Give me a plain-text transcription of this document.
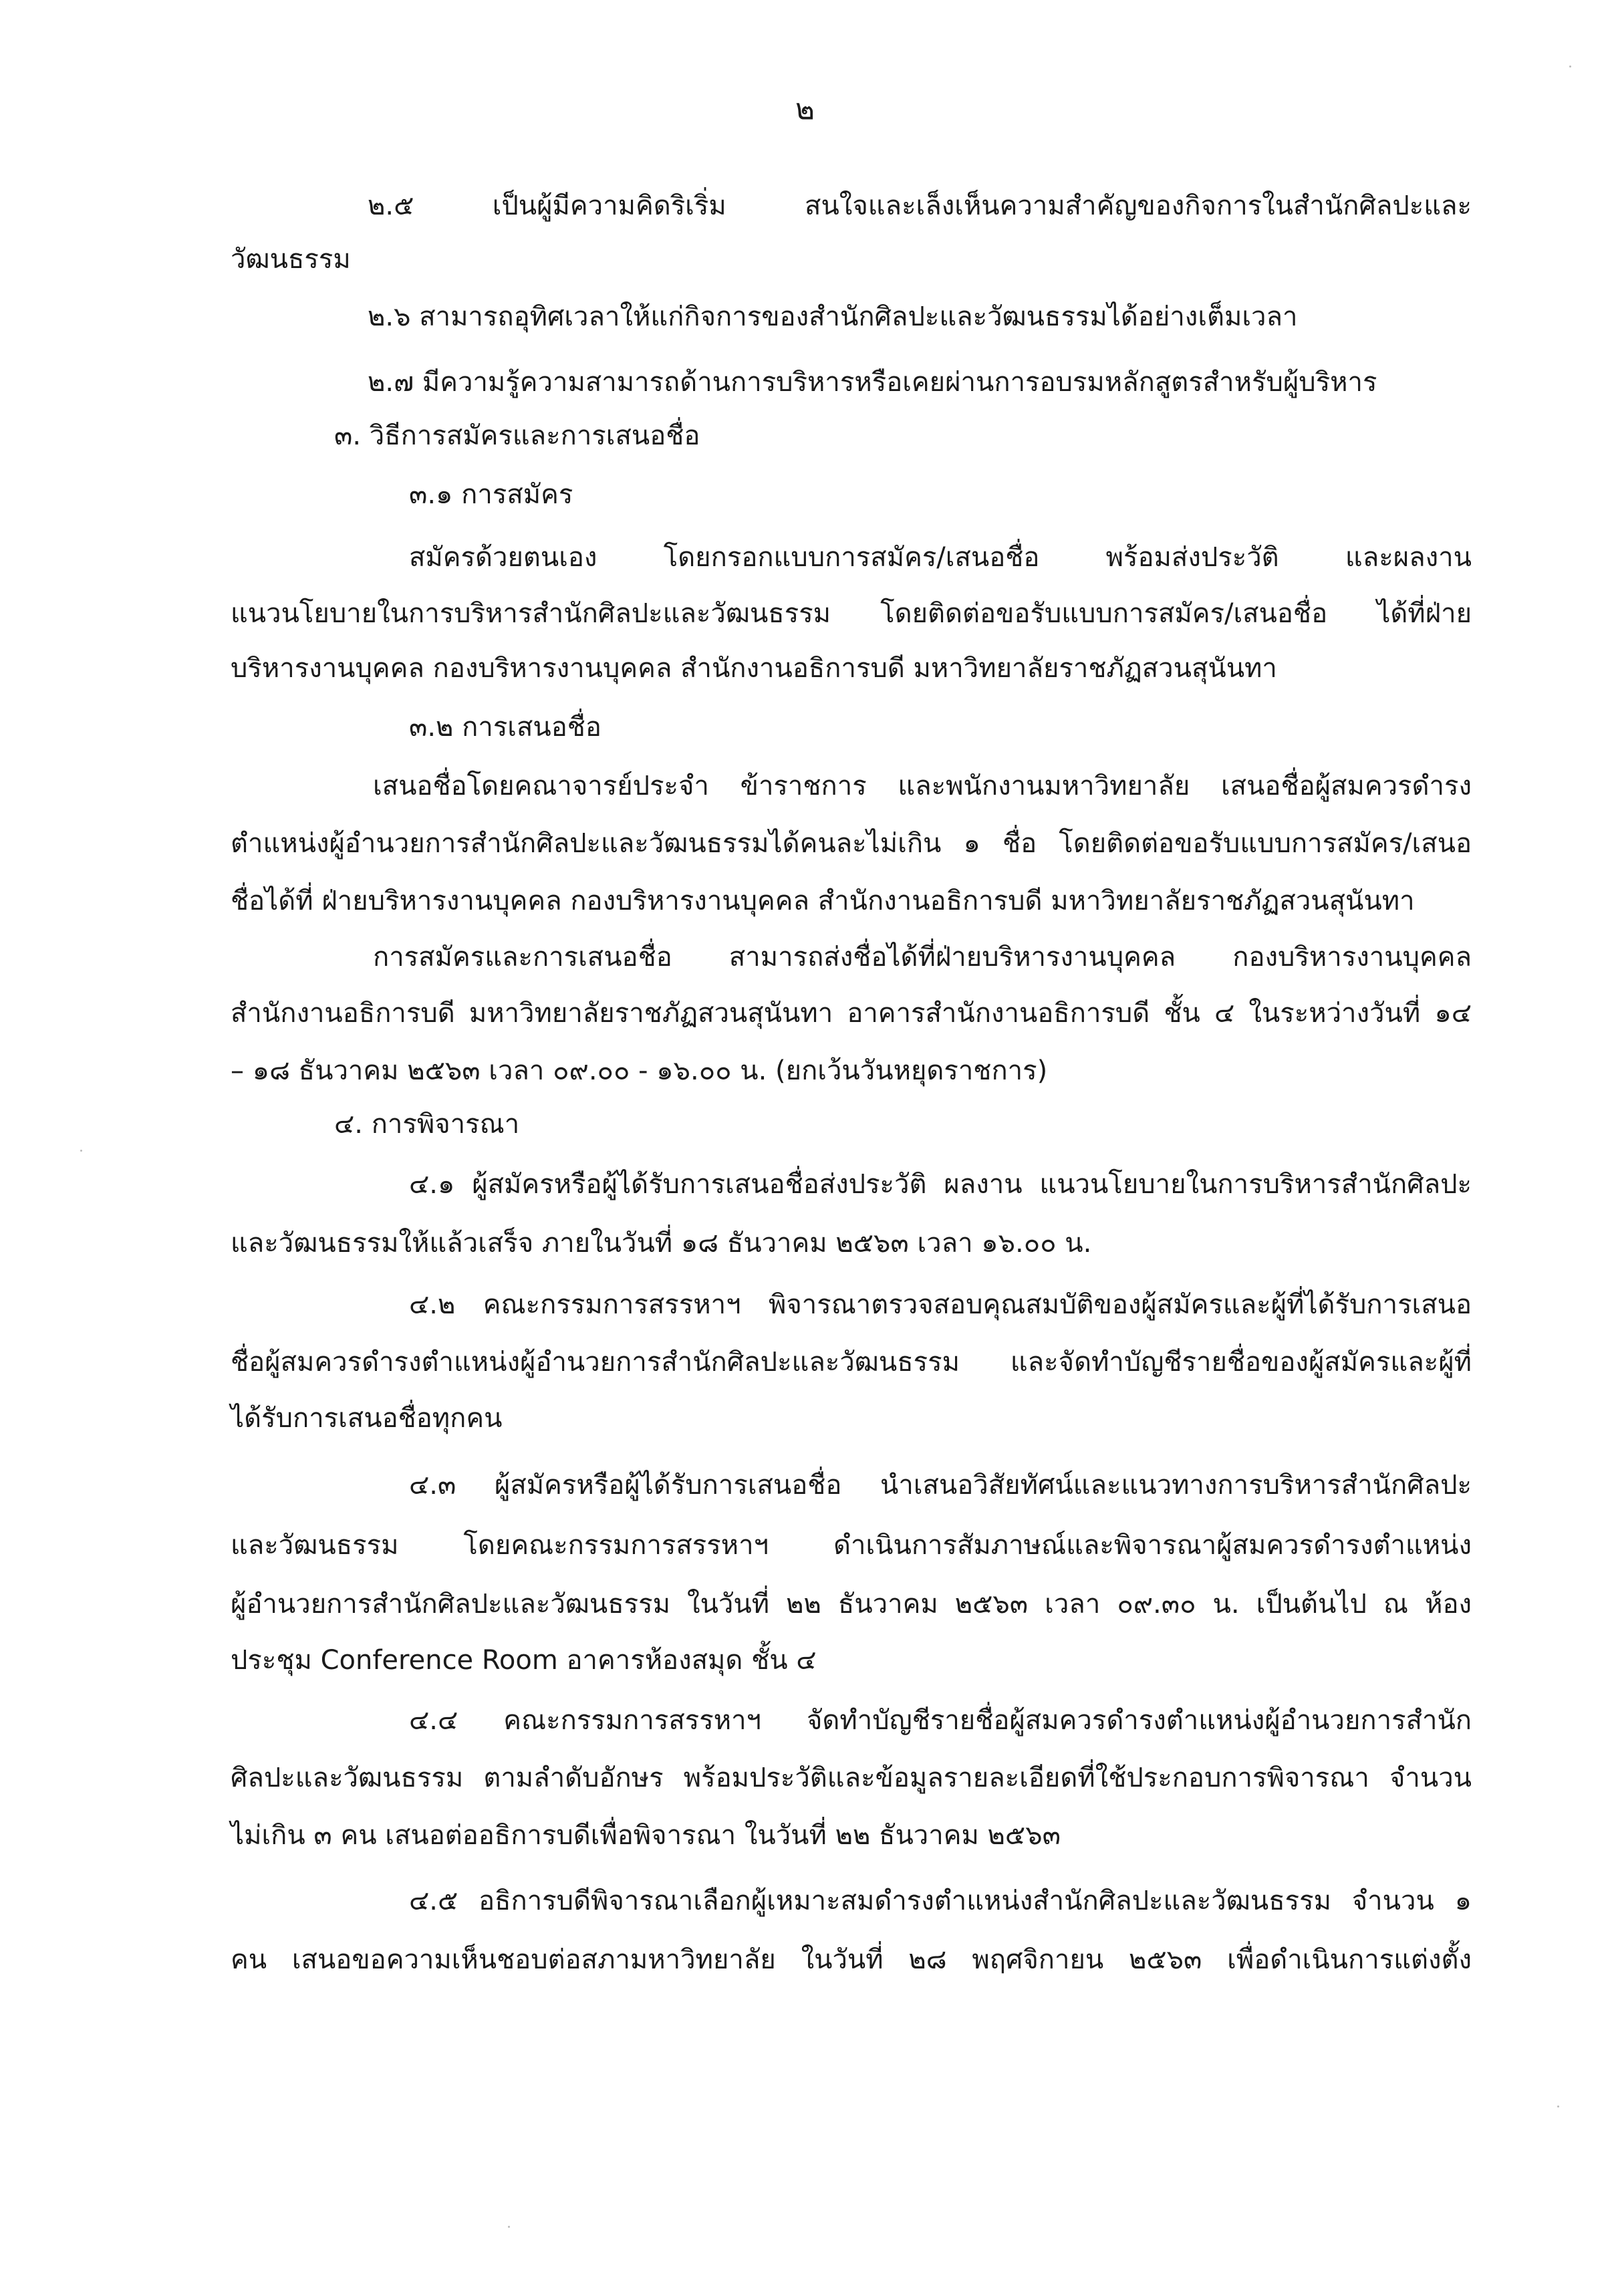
๒
๒.๕ เป็นผู้มีความคิดริเริ่ม สนใจและเล็งเห็นความสำคัญของกิจการในสำนักศิลปะและ
วัฒนธรรม
๒.๖ สามารถอุทิศเวลาให้แก่กิจการของสำนักศิลปะและวัฒนธรรมได้อย่างเต็มเวลา
๒.๗ มีความรู้ความสามารถด้านการบริหารหรือเคยผ่านการอบรมหลักสูตรสำหรับผู้บริหาร
๓. วิธีการสมัครและการเสนอชื่อ
๓.๑ การสมัคร
สมัครด้วยตนเอง โดยกรอกแบบการสมัคร/เสนอชื่อ พร้อมส่งประวัติ และผลงาน
แนวนโยบายในการบริหารสำนักศิลปะและวัฒนธรรม โดยติดต่อขอรับแบบการสมัคร/เสนอชื่อ ได้ที่ฝ่าย
บริหารงานบุคคล กองบริหารงานบุคคล สำนักงานอธิการบดี มหาวิทยาลัยราชภัฏสวนสุนันทา
๓.๒ การเสนอชื่อ
เสนอชื่อโดยคณาจารย์ประจำ ข้าราชการ และพนักงานมหาวิทยาลัย เสนอชื่อผู้สมควรดำรง
ตำแหน่งผู้อำนวยการสำนักศิลปะและวัฒนธรรมได้คนละไม่เกิน ๑ ชื่อ โดยติดต่อขอรับแบบการสมัคร/เสนอ
ชื่อได้ที่ ฝ่ายบริหารงานบุคคล กองบริหารงานบุคคล สำนักงานอธิการบดี มหาวิทยาลัยราชภัฏสวนสุนันทา
การสมัครและการเสนอชื่อ สามารถส่งชื่อได้ที่ฝ่ายบริหารงานบุคคล กองบริหารงานบุคคล
สำนักงานอธิการบดี มหาวิทยาลัยราชภัฏสวนสุนันทา อาคารสำนักงานอธิการบดี ชั้น ๔ ในระหว่างวันที่ ๑๔
– ๑๘ ธันวาคม ๒๕๖๓ เวลา ๐๙.๐๐ - ๑๖.๐๐ น. (ยกเว้นวันหยุดราชการ)
๔. การพิจารณา
๔.๑ ผู้สมัครหรือผู้ได้รับการเสนอชื่อส่งประวัติ ผลงาน แนวนโยบายในการบริหารสำนักศิลปะ
และวัฒนธรรมให้แล้วเสร็จ ภายในวันที่ ๑๘ ธันวาคม ๒๕๖๓ เวลา ๑๖.๐๐ น.
๔.๒ คณะกรรมการสรรหาฯ พิจารณาตรวจสอบคุณสมบัติของผู้สมัครและผู้ที่ได้รับการเสนอ
ชื่อผู้สมควรดำรงตำแหน่งผู้อำนวยการสำนักศิลปะและวัฒนธรรม และจัดทำบัญชีรายชื่อของผู้สมัครและผู้ที่
ได้รับการเสนอชื่อทุกคน
๔.๓ ผู้สมัครหรือผู้ได้รับการเสนอชื่อ นำเสนอวิสัยทัศน์และแนวทางการบริหารสำนักศิลปะ
และวัฒนธรรม โดยคณะกรรมการสรรหาฯ ดำเนินการสัมภาษณ์และพิจารณาผู้สมควรดำรงตำแหน่ง
ผู้อำนวยการสำนักศิลปะและวัฒนธรรม ในวันที่ ๒๒ ธันวาคม ๒๕๖๓ เวลา ๐๙.๓๐ น. เป็นต้นไป ณ ห้อง
ประชุม Conference Room อาคารห้องสมุด ชั้น ๔
๔.๔ คณะกรรมการสรรหาฯ จัดทำบัญชีรายชื่อผู้สมควรดำรงตำแหน่งผู้อำนวยการสำนัก
ศิลปะและวัฒนธรรม ตามลำดับอักษร พร้อมประวัติและข้อมูลรายละเอียดที่ใช้ประกอบการพิจารณา จำนวน
ไม่เกิน ๓ คน เสนอต่ออธิการบดีเพื่อพิจารณา ในวันที่ ๒๒ ธันวาคม ๒๕๖๓
๔.๕ อธิการบดีพิจารณาเลือกผู้เหมาะสมดำรงตำแหน่งสำนักศิลปะและวัฒนธรรม จำนวน ๑
คน เสนอขอความเห็นชอบต่อสภามหาวิทยาลัย ในวันที่ ๒๘ พฤศจิกายน ๒๕๖๓ เพื่อดำเนินการแต่งตั้ง
